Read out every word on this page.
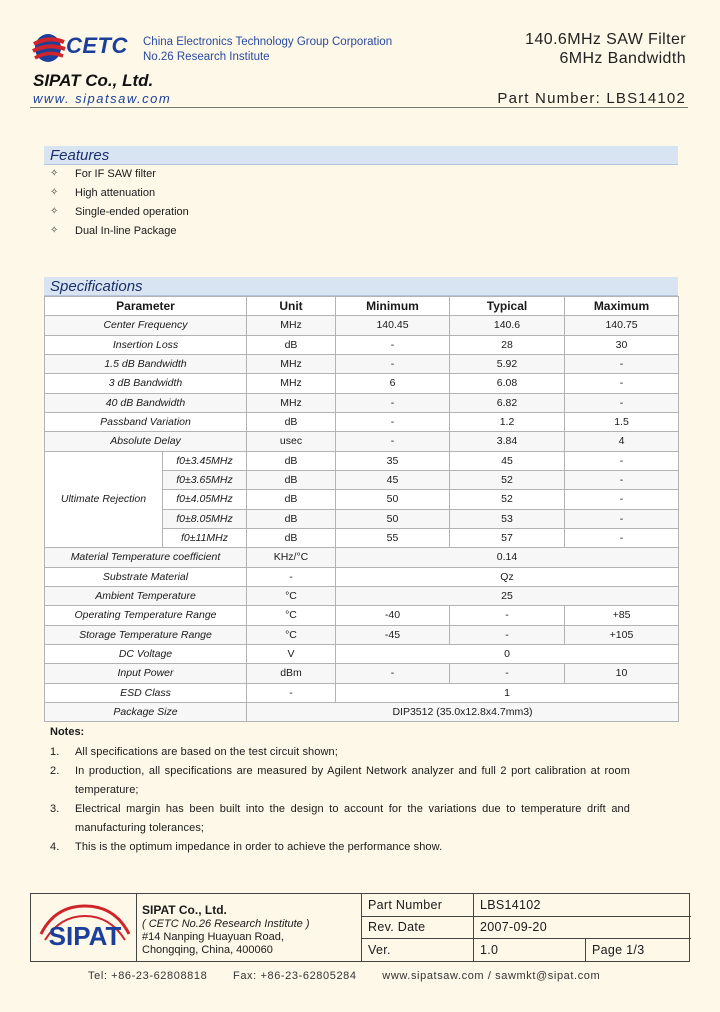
CETC China Electronics Technology Group Corporation
No.26 Research Institute
SIPAT Co., Ltd.
www. sipatsaw.com
140.6MHz SAW Filter
6MHz Bandwidth
Part Number: LBS14102
Features
✧ For IF SAW filter
✧ High attenuation
✧ Single-ended operation
✧ Dual In-line Package
Specifications
Parameter		Unit	Minimum	Typical	Maximum
Center Frequency		MHz	140.45	140.6	140.75
Insertion Loss		dB	-	28	30
1.5 dB Bandwidth		MHz	-	5.92	-
3 dB Bandwidth		MHz	6	6.08	-
40 dB Bandwidth		MHz	-	6.82	-
Passband Variation		dB	-	1.2	1.5
Absolute Delay		usec	-	3.84	4
Ultimate Rejection	f0±3.45MHz	dB	35	45	-
	f0±3.65MHz	dB	45	52	-
	f0±4.05MHz	dB	50	52	-
	f0±8.05MHz	dB	50	53	-
	f0±11MHz	dB	55	57	-
Material Temperature coefficient		KHz/°C	0.14		
Substrate Material		-	Qz		
Ambient Temperature		°C	25		
Operating Temperature Range		°C	-40	-	+85
Storage Temperature Range		°C	-45	-	+105
DC Voltage		V	0		
Input Power		dBm	-	-	10
ESD Class		-	1		
Package Size		DIP3512 (35.0x12.8x4.7mm3)			
Notes:
1. All specifications are based on the test circuit shown;
2. In production, all specifications are measured by Agilent Network analyzer and full 2 port calibration at room temperature;
3. Electrical margin has been built into the design to account for the variations due to temperature drift and manufacturing tolerances;
4. This is the optimum impedance in order to achieve the performance show.
SIPAT
SIPAT Co., Ltd.
( CETC No.26 Research Institute )
#14 Nanping Huayuan Road,
Chongqing, China, 400060
Part Number	LBS14102	
Rev. Date	2007-09-20	
Ver.	1.0	Page 1/3
Tel: +86-23-62808818 Fax: +86-23-62805284 www.sipatsaw.com / sawmkt@sipat.com
